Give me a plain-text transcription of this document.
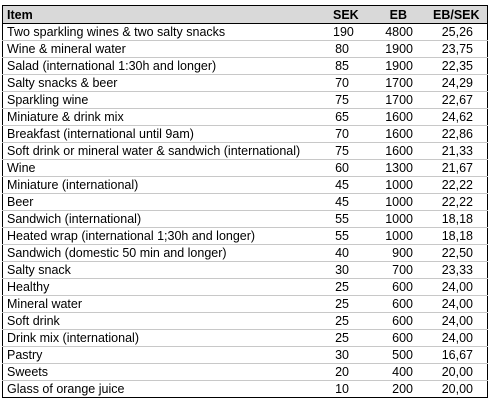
Item	SEK	EB	EB/SEK
Two sparkling wines & two salty snacks	190	4800	25,26
Wine & mineral water	80	1900	23,75
Salad (international 1:30h and longer)	85	1900	22,35
Salty snacks & beer	70	1700	24,29
Sparkling wine	75	1700	22,67
Miniature & drink mix	65	1600	24,62
Breakfast (international until 9am)	70	1600	22,86
Soft drink or mineral water & sandwich (international)	75	1600	21,33
Wine	60	1300	21,67
Miniature (international)	45	1000	22,22
Beer	45	1000	22,22
Sandwich (international)	55	1000	18,18
Heated wrap (international 1;30h and longer)	55	1000	18,18
Sandwich (domestic 50 min and longer)	40	900	22,50
Salty snack	30	700	23,33
Healthy	25	600	24,00
Mineral water	25	600	24,00
Soft drink	25	600	24,00
Drink mix (international)	25	600	24,00
Pastry	30	500	16,67
Sweets	20	400	20,00
Glass of orange juice	10	200	20,00
